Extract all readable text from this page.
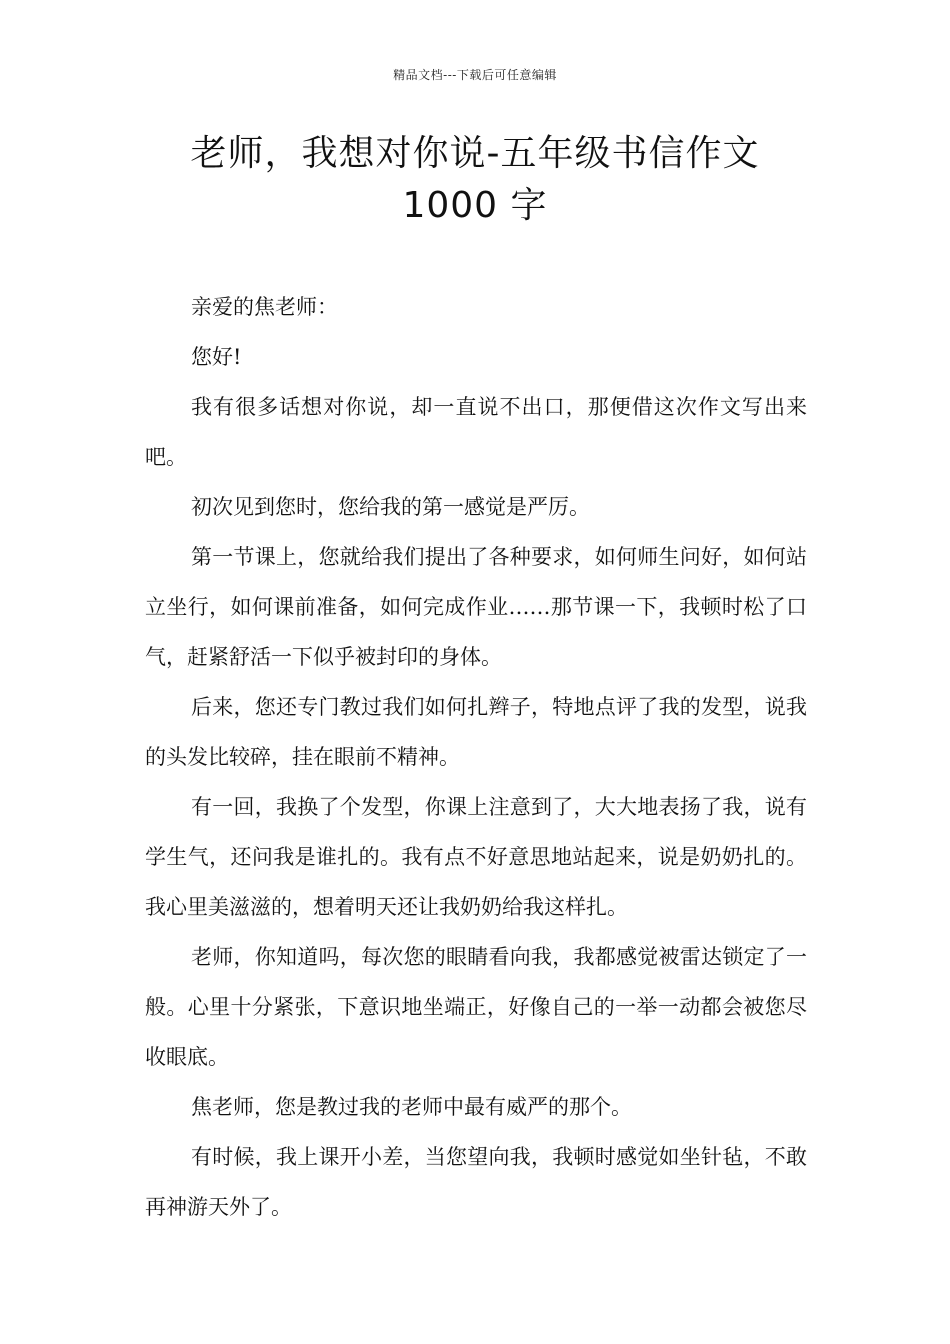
精品文档---下载后可任意编辑
老师，我想对你说-五年级书信作文
1000 字

亲爱的焦老师：

您好!

我有很多话想对你说，却一直说不出口，那便借这次作文写出来吧。

初次见到您时，您给我的第一感觉是严厉。

第一节课上，您就给我们提出了各种要求，如何师生问好，如何站立坐行，如何课前准备，如何完成作业……那节课一下，我顿时松了口气，赶紧舒活一下似乎被封印的身体。

后来，您还专门教过我们如何扎辫子，特地点评了我的发型，说我的头发比较碎，挂在眼前不精神。

有一回，我换了个发型，你课上注意到了，大大地表扬了我，说有学生气，还问我是谁扎的。我有点不好意思地站起来，说是奶奶扎的。我心里美滋滋的，想着明天还让我奶奶给我这样扎。

老师，你知道吗，每次您的眼睛看向我，我都感觉被雷达锁定了一般。心里十分紧张，下意识地坐端正，好像自己的一举一动都会被您尽收眼底。

焦老师，您是教过我的老师中最有威严的那个。

有时候，我上课开小差，当您望向我，我顿时感觉如坐针毡，不敢再神游天外了。
